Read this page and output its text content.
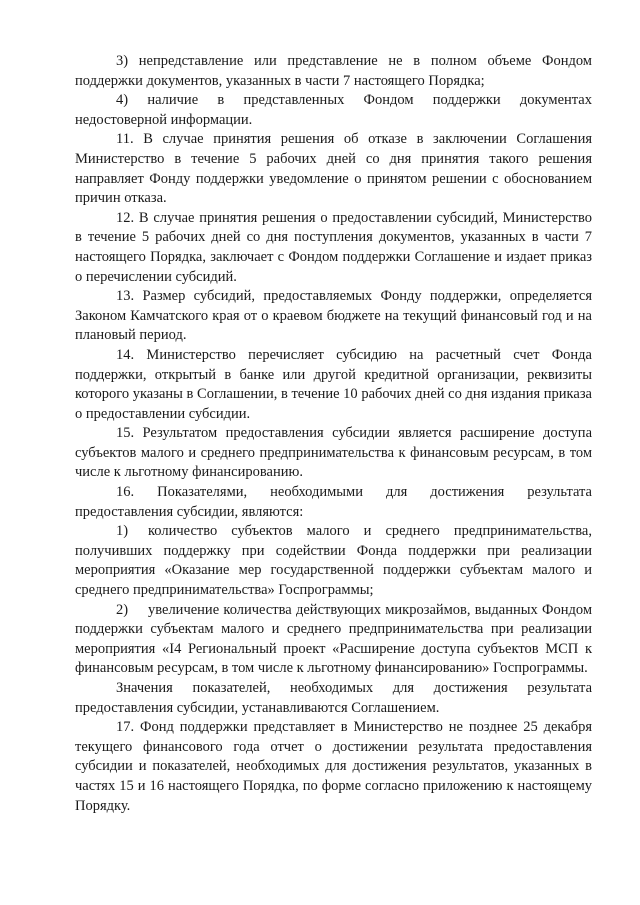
3) непредставление или представление не в полном объеме Фондом поддержки документов, указанных в части 7 настоящего Порядка;

4) наличие в представленных Фондом поддержки документах недостоверной информации.

11. В случае принятия решения об отказе в заключении Соглашения Министерство в течение 5 рабочих дней со дня принятия такого решения направляет Фонду поддержки уведомление о принятом решении с обоснованием причин отказа.

12. В случае принятия решения о предоставлении субсидий, Министерство в течение 5 рабочих дней со дня поступления документов, указанных в части 7 настоящего Порядка, заключает с Фондом поддержки Соглашение и издает приказ о перечислении субсидий.

13. Размер субсидий, предоставляемых Фонду поддержки, определяется Законом Камчатского края от о краевом бюджете на текущий финансовый год и на плановый период.

14. Министерство перечисляет субсидию на расчетный счет Фонда поддержки, открытый в банке или другой кредитной организации, реквизиты которого указаны в Соглашении, в течение 10 рабочих дней со дня издания приказа о предоставлении субсидии.

15. Результатом предоставления субсидии является расширение доступа субъектов малого и среднего предпринимательства к финансовым ресурсам, в том числе к льготному финансированию.

16. Показателями, необходимыми для достижения результата предоставления субсидии, являются:

1) количество субъектов малого и среднего предпринимательства, получивших поддержку при содействии Фонда поддержки при реализации мероприятия «Оказание мер государственной поддержки субъектам малого и среднего предпринимательства» Госпрограммы;

2) увеличение количества действующих микрозаймов, выданных Фондом поддержки субъектам малого и среднего предпринимательства при реализации мероприятия «I4 Региональный проект «Расширение доступа субъектов МСП к финансовым ресурсам, в том числе к льготному финансированию» Госпрограммы.

Значения показателей, необходимых для достижения результата предоставления субсидии, устанавливаются Соглашением.

17. Фонд поддержки представляет в Министерство не позднее 25 декабря текущего финансового года отчет о достижении результата предоставления субсидии и показателей, необходимых для достижения результатов, указанных в частях 15 и 16 настоящего Порядка, по форме согласно приложению к настоящему Порядку.
